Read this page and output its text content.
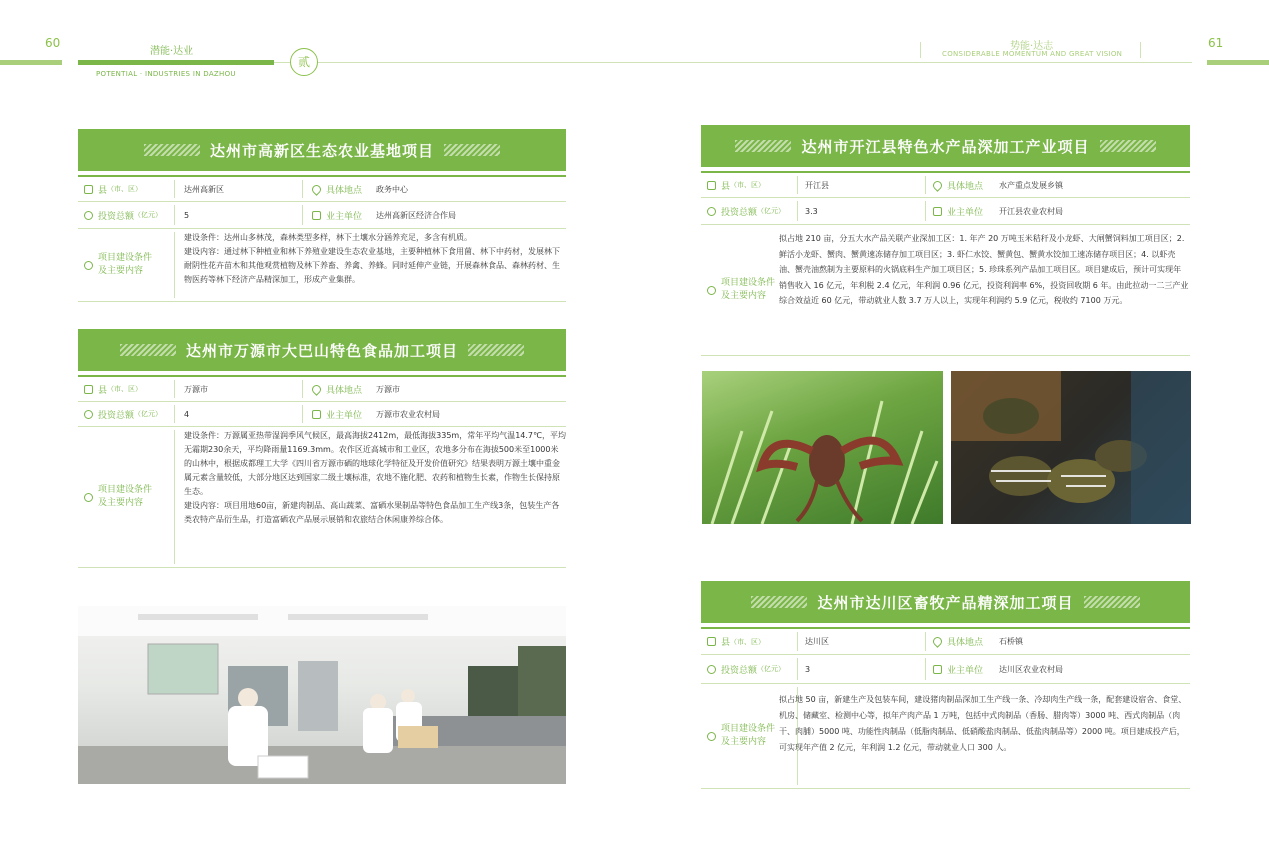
60
潜能·达业
POTENTIAL · INDUSTRIES IN DAZHOU
贰
势能·达志
CONSIDERABLE MOMENTUM AND GREAT VISION
61
达州市高新区生态农业基地项目
县 （市、区）	达州高新区	具体地点 政务中心
投资总额 （亿元）	5	业主单位 达州高新区经济合作局
项目建设条件
及主要内容

建设条件：达州山多林茂，森林类型多样，林下土壤水分涵养充足，多含有机质。

建设内容：通过林下种植业和林下养殖业建设生态农业基地，主要种植林下食用菌、林下中药材，发展林下耐阴性花卉苗木和其他观赏植物及林下养畜、养禽、养蜂。同时延伸产业链，开展森林食品、森林药材、生物医药等林下经济产品精深加工，形成产业集群。

达州市万源市大巴山特色食品加工项目
县 （市、区）	万源市	具体地点 万源市
投资总额 （亿元）	4	业主单位 万源市农业农村局
项目建设条件
及主要内容

建设条件：万源属亚热带湿润季风气候区，最高海拔2412m，最低海拔335m，常年平均气温14.7℃，平均无霜期230余天，平均降雨量1169.3mm。农作区近高城市和工业区，农地多分布在海拔500米至1000米的山林中，根据成都理工大学《四川省万源市硒的地球化学特征及开发价值研究》结果表明万源土壤中重金属元素含量较低，大部分地区达到国家二级土壤标准，农地不施化肥、农药和植物生长素，作物生长保持原生态。

建设内容：项目用地60亩，新建肉制品、高山蔬菜、富硒水果制品等特色食品加工生产线3条，包装生产各类农特产品衍生品，打造富硒农产品展示展销和农旅结合休闲康养综合体。

达州市开江县特色水产品深加工产业项目
县 （市、区）	开江县	具体地点 水产重点发展乡镇
投资总额 （亿元） 3.3	业主单位 开江县农业农村局
项目建设条件
及主要内容

拟占地 210 亩，分五大水产品关联产业深加工区：1. 年产 20 万吨玉米秸秆及小龙虾、大闸蟹饲料加工项目区；2. 鲜活小龙虾、蟹肉、蟹黄速冻储存加工项目区；3. 虾仁水饺、蟹黄包、蟹黄水饺加工速冻储存项目区；4. 以虾壳油、蟹壳油熬制为主要原料的火锅底料生产加工项目区；5. 珍珠系列产品加工项目区。项目建成后，预计可实现年销售收入 16 亿元，年利税 2.4 亿元，年利润 0.96 亿元，投资利润率 6%，投资回收期 6 年。由此拉动一二三产业综合效益近 60 亿元，带动就业人数 3.7 万人以上，实现年利润约 5.9 亿元，税收约 7100 万元。

达州市达川区畜牧产品精深加工项目
县 （市、区）	达川区	具体地点 石桥镇
投资总额 （亿元） 3	业主单位 达川区农业农村局
项目建设条件
及主要内容

拟占地 50 亩，新建生产及包装车间，建设猪肉制品深加工生产线一条、冷却肉生产线一条，配套建设宿舍、食堂、机房、储藏室、检测中心等，拟年产肉产品 1 万吨，包括中式肉制品（香肠、腊肉等）3000 吨、西式肉制品（肉干、肉脯）5000 吨、功能性肉制品（低脂肉制品、低硝酸盐肉制品、低盐肉制品等）2000 吨。项目建成投产后，可实现年产值 2 亿元，年利润 1.2 亿元，带动就业人口 300 人。
